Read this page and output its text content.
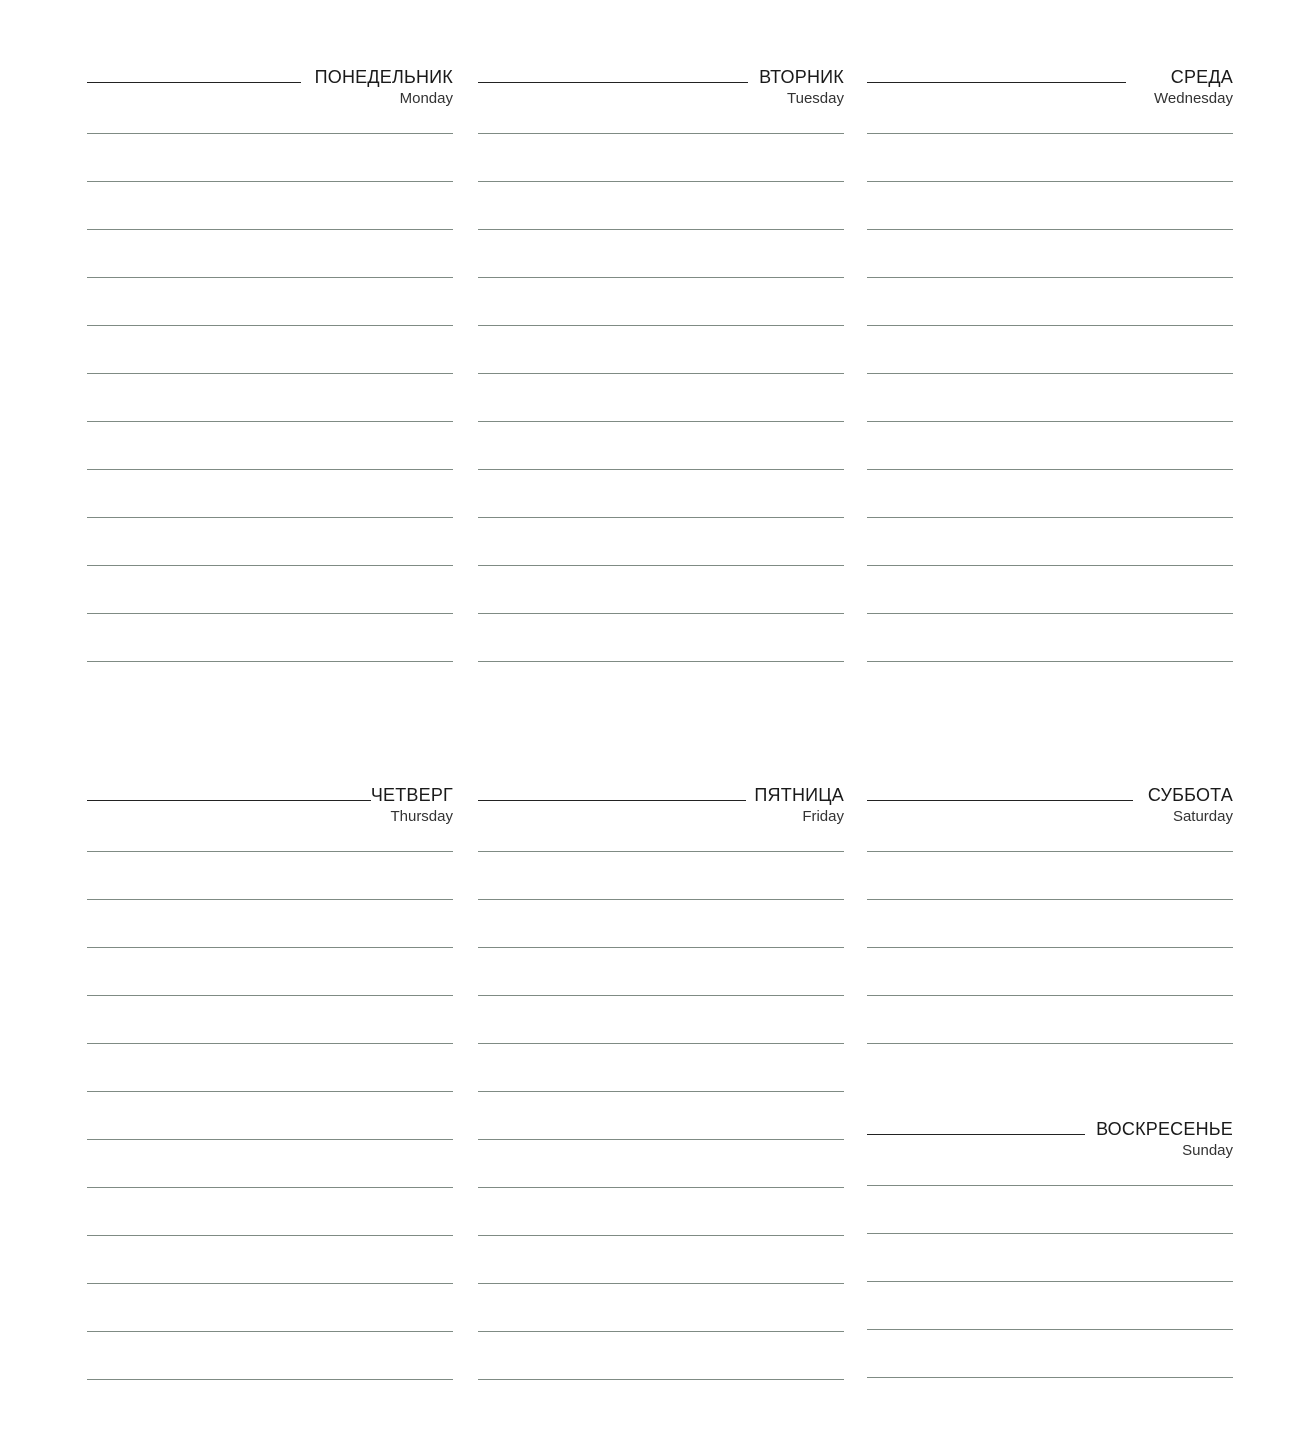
ПОНЕДЕЛЬНИК
Monday
ВТОРНИК
Tuesday
СРЕДА
Wednesday
ЧЕТВЕРГ
Thursday
ПЯТНИЦА
Friday
СУББОТА
Saturday
ВОСКРЕСЕНЬЕ
Sunday
